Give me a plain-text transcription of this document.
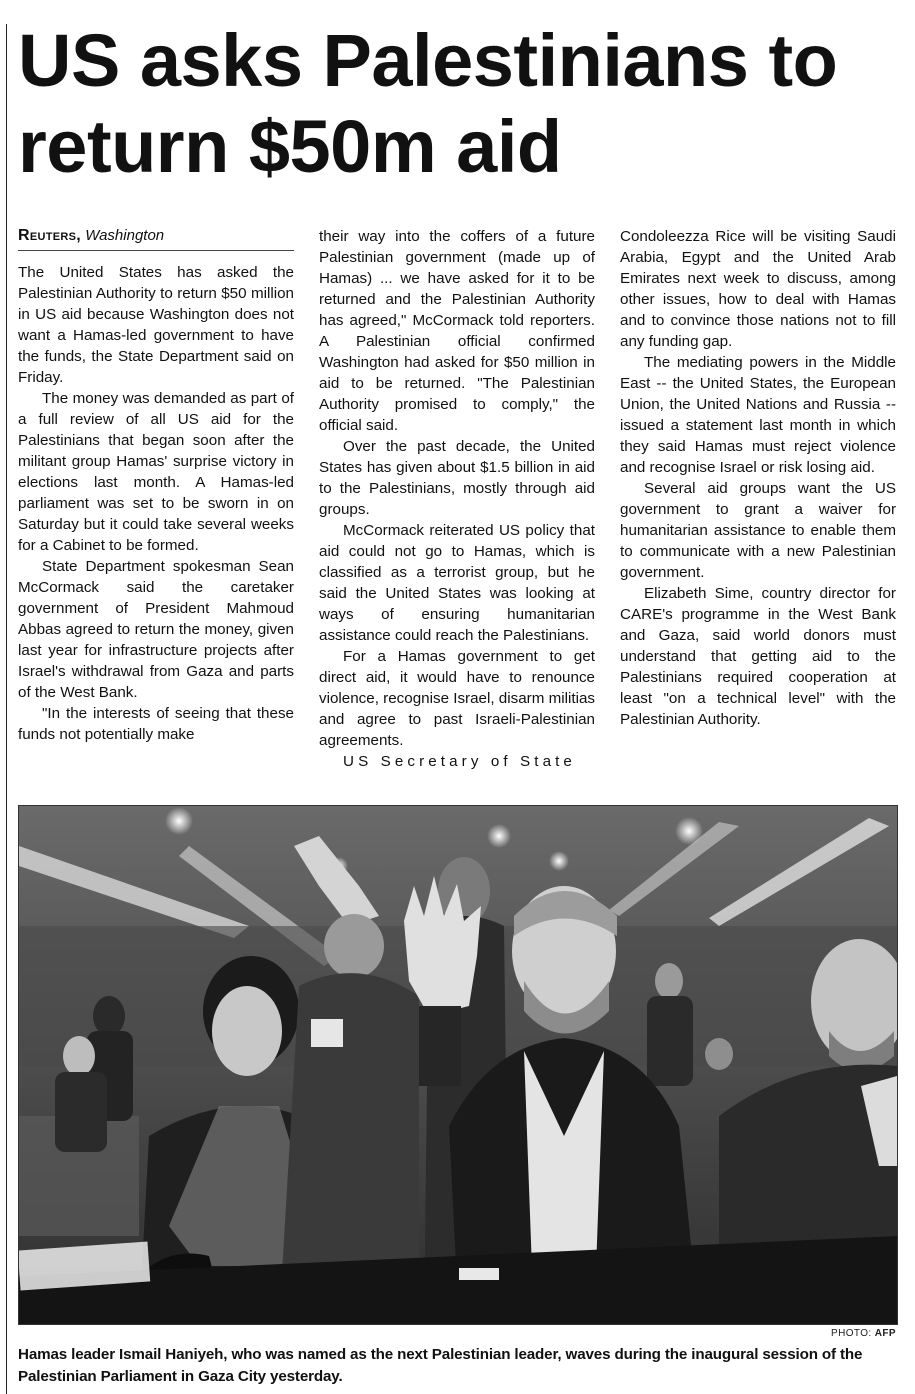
US asks Palestinians to return $50m aid
Reuters, Washington

The United States has asked the Palestinian Authority to return $50 million in US aid because Washington does not want a Hamas-led government to have the funds, the State Department said on Friday.

The money was demanded as part of a full review of all US aid for the Palestinians that began soon after the militant group Hamas' surprise victory in elections last month. A Hamas-led parliament was set to be sworn in on Saturday but it could take several weeks for a Cabinet to be formed.

State Department spokesman Sean McCormack said the caretaker government of President Mahmoud Abbas agreed to return the money, given last year for infrastructure projects after Israel's withdrawal from Gaza and parts of the West Bank.

"In the interests of seeing that these funds not potentially make

their way into the coffers of a future Palestinian government (made up of Hamas) ... we have asked for it to be returned and the Palestinian Authority has agreed," McCormack told reporters. A Palestinian official confirmed Washington had asked for $50 million in aid to be returned. "The Palestinian Authority promised to comply," the official said.

Over the past decade, the United States has given about $1.5 billion in aid to the Palestinians, mostly through aid groups.

McCormack reiterated US policy that aid could not go to Hamas, which is classified as a terrorist group, but he said the United States was looking at ways of ensuring humanitarian assistance could reach the Palestinians.

For a Hamas government to get direct aid, it would have to renounce violence, recognise Israel, disarm militias and agree to past Israeli-Palestinian agreements.

US Secretary of State

Condoleezza Rice will be visiting Saudi Arabia, Egypt and the United Arab Emirates next week to discuss, among other issues, how to deal with Hamas and to convince those nations not to fill any funding gap.

The mediating powers in the Middle East -- the United States, the European Union, the United Nations and Russia -- issued a statement last month in which they said Hamas must reject violence and recognise Israel or risk losing aid.

Several aid groups want the US government to grant a waiver for humanitarian assistance to enable them to communicate with a new Palestinian government.

Elizabeth Sime, country director for CARE's programme in the West Bank and Gaza, said world donors must understand that getting aid to the Palestinians required cooperation at least "on a technical level" with the Palestinian Authority.

PHOTO: AFP
Hamas leader Ismail Haniyeh, who was named as the next Palestinian leader, waves during the inaugural session of the Palestinian Parliament in Gaza City yesterday.
